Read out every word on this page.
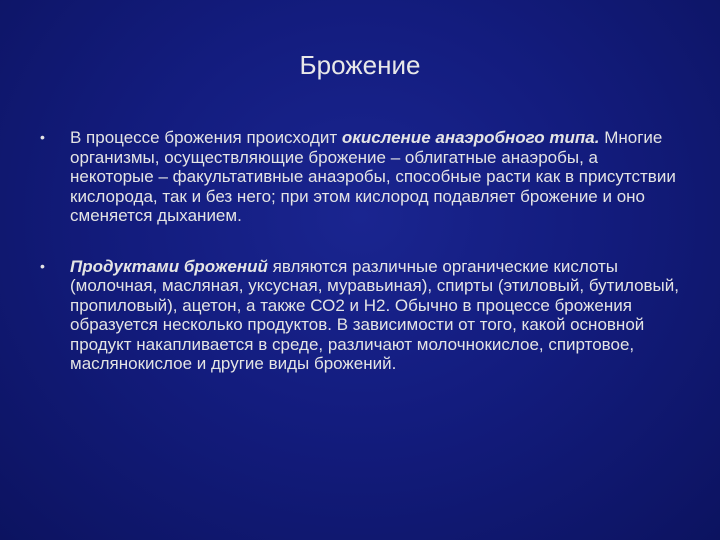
Брожение
• В процессе брожения происходит окисление анаэробного типа. Многие организмы, осуществляющие брожение – облигатные анаэробы, а некоторые – факультативные анаэробы, способные расти как в присутствии кислорода, так и без него; при этом кислород подавляет брожение и оно сменяется дыханием.
• Продуктами брожений являются различные органические кислоты (молочная, масляная, уксусная, муравьиная), спирты (этиловый, бутиловый, пропиловый), ацетон, а также СО2 и Н2. Обычно в процессе брожения образуется несколько продуктов. В зависимости от того, какой основной продукт накапливается в среде, различают молочнокислое, спиртовое, маслянокислое и другие виды брожений.
